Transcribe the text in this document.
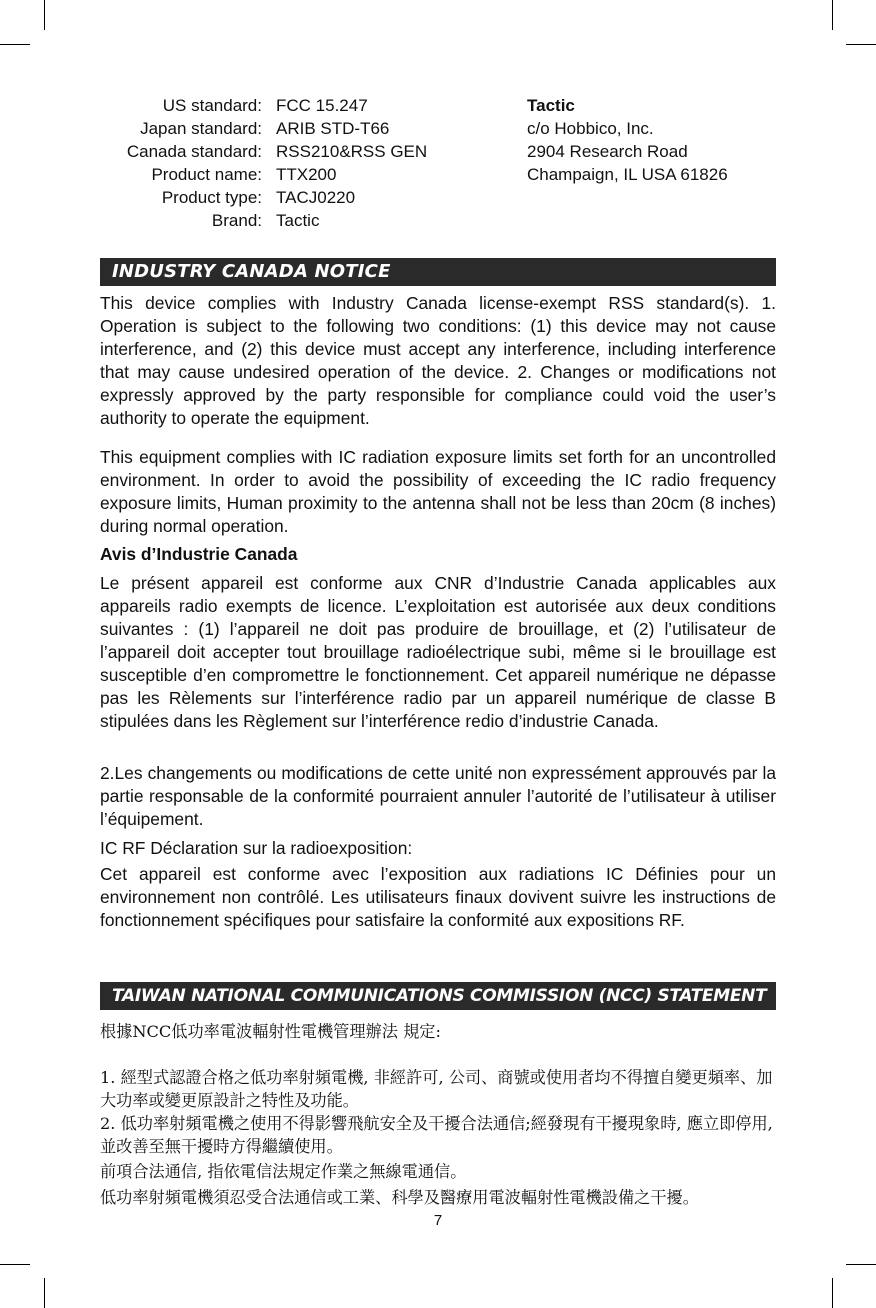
US standard: FCC 15.247
Japan standard: ARIB STD-T66
Canada standard: RSS210&RSS GEN
Product name: TTX200
Product type: TACJ0220
Brand: Tactic
Tactic
c/o Hobbico, Inc.
2904 Research Road
Champaign, IL USA 61826
INDUSTRY CANADA NOTICE

This device complies with Industry Canada license-exempt RSS standard(s). 1. Operation is subject to the following two conditions: (1) this device may not cause interference, and (2) this device must accept any interference, including interference that may cause undesired operation of the device. 2. Changes or modifications not expressly approved by the party responsible for compliance could void the user’s authority to operate the equipment.

This equipment complies with IC radiation exposure limits set forth for an uncontrolled environment. In order to avoid the possibility of exceeding the IC radio frequency exposure limits, Human proximity to the antenna shall not be less than 20cm (8 inches) during normal operation.

Avis d’Industrie Canada

Le présent appareil est conforme aux CNR d’Industrie Canada applicables aux appareils radio exempts de licence. L’exploitation est autorisée aux deux conditions suivantes : (1) l’appareil ne doit pas produire de brouillage, et (2) l’utilisateur de l’appareil doit accepter tout brouillage radioélectrique subi, même si le brouillage est susceptible d’en compromettre le fonctionnement. Cet appareil numérique ne dépasse pas les Rèlements sur l’interférence radio par un appareil numérique de classe B stipulées dans les Règlement sur l’interférence redio d’industrie Canada.

2.Les changements ou modifications de cette unité non expressément approuvés par la partie responsable de la conformité pourraient annuler l’autorité de l’utilisateur à utiliser l’équipement.

IC RF Déclaration sur la radioexposition:

Cet appareil est conforme avec l’exposition aux radiations IC Définies pour un environnement non contrôlé. Les utilisateurs finaux dovivent suivre les instructions de fonctionnement spécifiques pour satisfaire la conformité aux expositions RF.

TAIWAN NATIONAL COMMUNICATIONS COMMISSION (NCC) STATEMENT

根據NCC低功率電波輻射性電機管理辦法 規定:

1. 經型式認證合格之低功率射頻電機, 非經許可, 公司、商號或使用者均不得擅自變更頻率、加大功率或變更原設計之特性及功能。

2. 低功率射頻電機之使用不得影響飛航安全及干擾合法通信;經發現有干擾現象時, 應立即停用, 並改善至無干擾時方得繼續使用。

前項合法通信, 指依電信法規定作業之無線電通信。

低功率射頻電機須忍受合法通信或工業、科學及醫療用電波輻射性電機設備之干擾。

7
